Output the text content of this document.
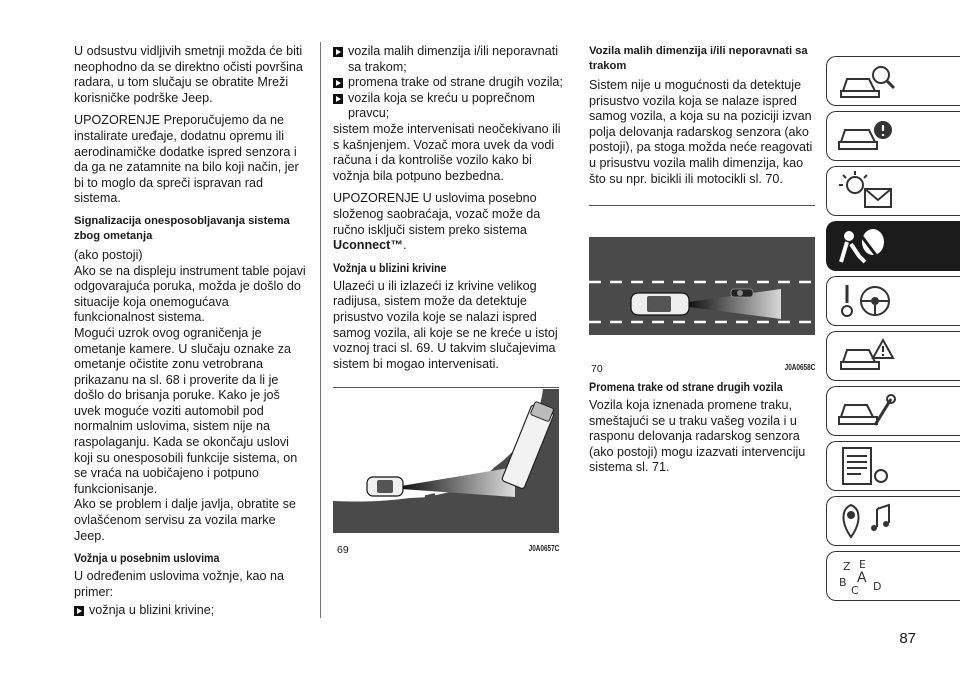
U odsustvu vidljivih smetnji možda će biti neophodno da se direktno očisti površina radara, u tom slučaju se obratite Mreži korisničke podrške Jeep.

UPOZORENJE Preporučujemo da ne instalirate uređaje, dodatnu opremu ili aerodinamičke dodatke ispred senzora i da ga ne zatamnite na bilo koji način, jer bi to moglo da spreči ispravan rad sistema.

Signalizacija onesposobljavanja sistema zbog ometanja

(ako postoji)

Ako se na displeju instrument table pojavi odgovarajuća poruka, možda je došlo do situacije koja onemogućava funkcionalnost sistema.

Mogući uzrok ovog ograničenja je ometanje kamere. U slučaju oznake za ometanje očistite zonu vetrobrana prikazanu na sl. 68 i proverite da li je došlo do brisanja poruke. Kako je još uvek moguće voziti automobil pod normalnim uslovima, sistem nije na raspolaganju. Kada se okončaju uslovi koji su onesposobili funkcije sistema, on se vraća na uobičajeno i potpuno funkcionisanje.

Ako se problem i dalje javlja, obratite se ovlašćenom servisu za vozila marke Jeep.

Vožnja u posebnim uslovima

U određenim uslovima vožnje, kao na primer:

vožnja u blizini krivine;
vozila malih dimenzija i/ili neporavnati sa trakom;
promena trake od strane drugih vozila;
vozila koja se kreću u poprečnom pravcu;

sistem može intervenisati neočekivano ili s kašnjenjem. Vozač mora uvek da vodi računa i da kontroliše vozilo kako bi vožnja bila potpuno bezbedna.

UPOZORENJE U uslovima posebno složenog saobraćaja, vozač može da ručno isključi sistem preko sistema Uconnect™.

Vožnja u blizini krivine

Ulazeći u ili izlazeći iz krivine velikog radijusa, sistem može da detektuje prisustvo vozila koje se nalazi ispred samog vozila, ali koje se ne kreće u istoj voznoj traci sl. 69. U takvim slučajevima sistem bi mogao intervenisati.

69	J0A0657C
Vozila malih dimenzija i/ili neporavnati sa trakom

Sistem nije u mogućnosti da detektuje prisustvo vozila koja se nalaze ispred samog vozila, a koja su na poziciji izvan polja delovanja radarskog senzora (ako postoji), pa stoga možda neće reagovati u prisustvu vozila malih dimenzija, kao što su npr. bicikli ili motocikli sl. 70.

70	J0A0658C
Promena trake od strane drugih vozila

Vozila koja iznenada promene traku, smeštajući se u traku vašeg vozila i u rasponu delovanja radarskog senzora (ako postoji) mogu izazvati intervenciju sistema sl. 71.

Z E
B A
C D
87
